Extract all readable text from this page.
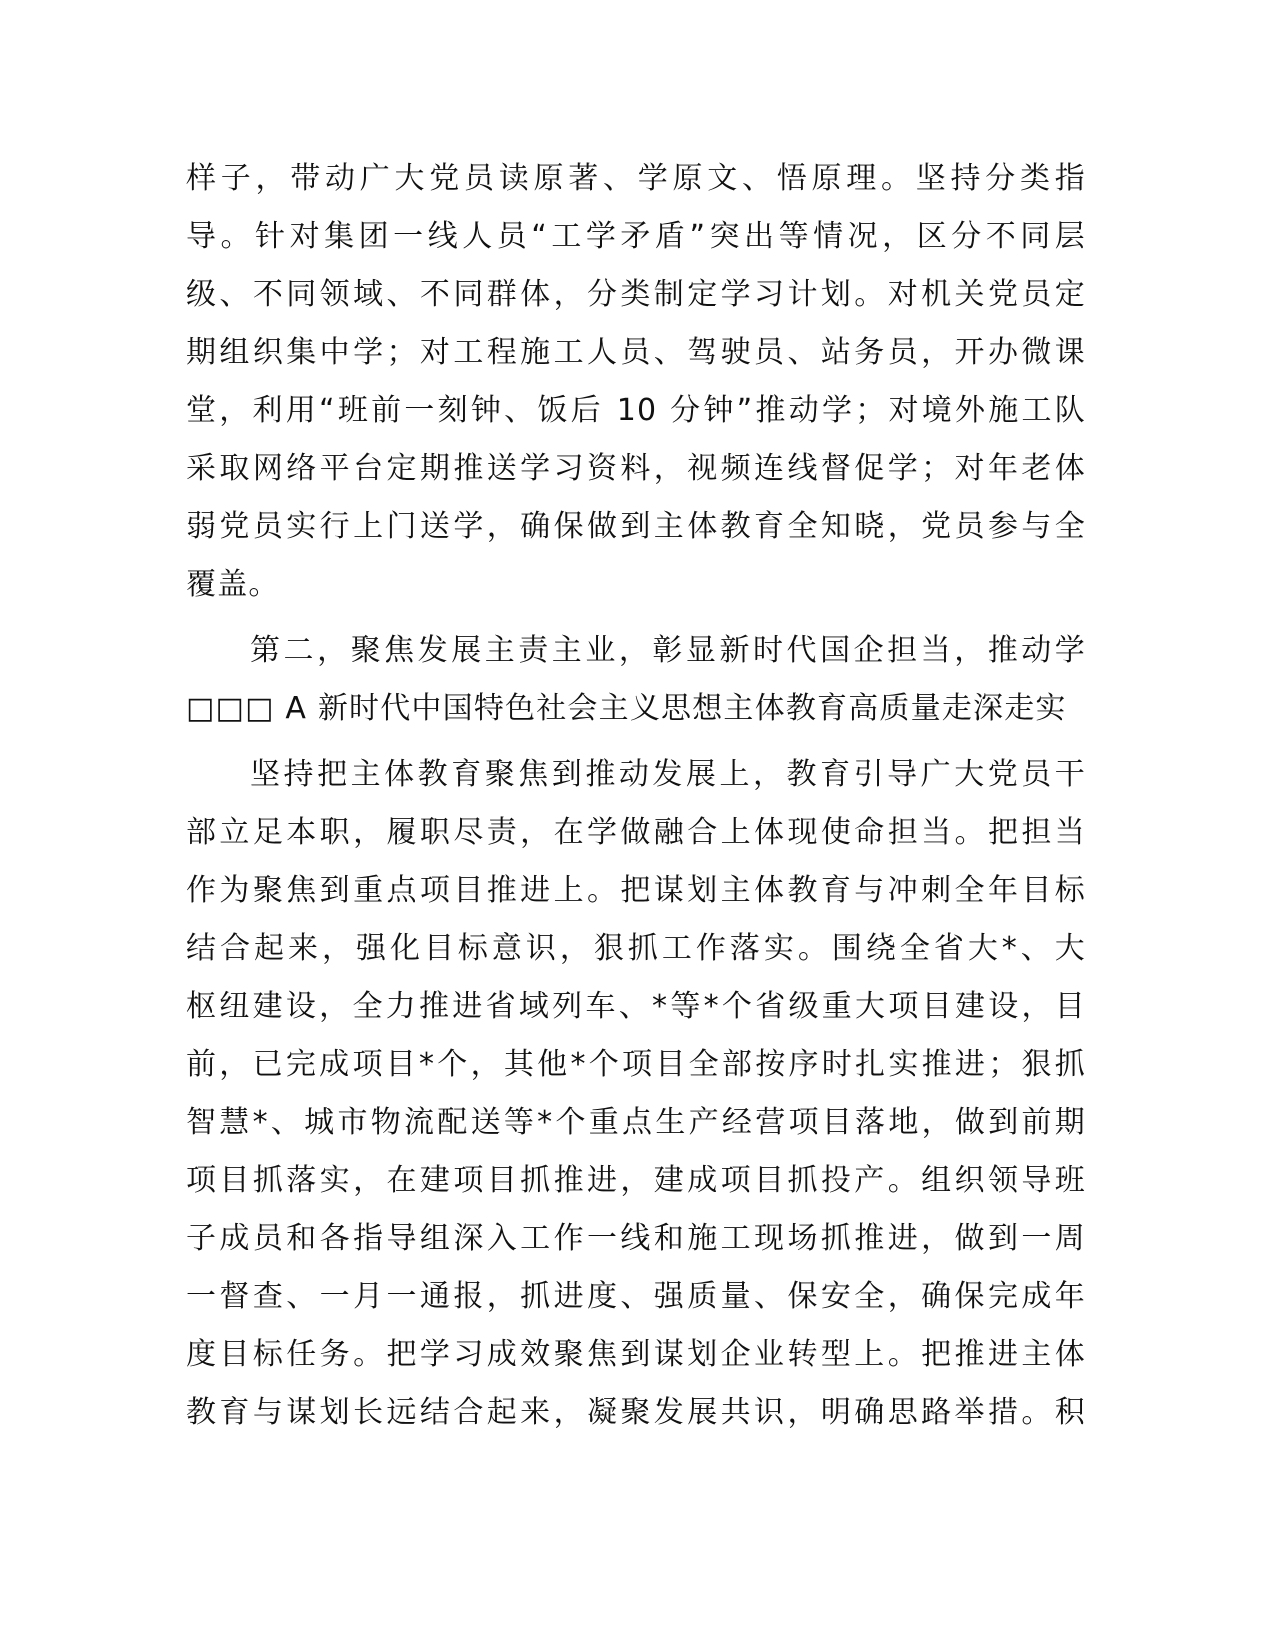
样子，带动广大党员读原著、学原文、悟原理。坚持分类指
导。针对集团一线人员“工学矛盾”突出等情况，区分不同层
级、不同领域、不同群体，分类制定学习计划。对机关党员定
期组织集中学；对工程施工人员、驾驶员、站务员，开办微课
堂，利用“班前一刻钟、饭后 10 分钟”推动学；对境外施工队
采取网络平台定期推送学习资料，视频连线督促学；对年老体
弱党员实行上门送学，确保做到主体教育全知晓，党员参与全
覆盖。
第二，聚焦发展主责主业，彰显新时代国企担当，推动学
□□□ A 新时代中国特色社会主义思想主体教育高质量走深走实
坚持把主体教育聚焦到推动发展上，教育引导广大党员干
部立足本职，履职尽责，在学做融合上体现使命担当。把担当
作为聚焦到重点项目推进上。把谋划主体教育与冲刺全年目标
结合起来，强化目标意识，狠抓工作落实。围绕全省大*、大
枢纽建设，全力推进省域列车、*等*个省级重大项目建设，目
前，已完成项目*个，其他*个项目全部按序时扎实推进；狠抓
智慧*、城市物流配送等*个重点生产经营项目落地，做到前期
项目抓落实，在建项目抓推进，建成项目抓投产。组织领导班
子成员和各指导组深入工作一线和施工现场抓推进，做到一周
一督查、一月一通报，抓进度、强质量、保安全，确保完成年
度目标任务。把学习成效聚焦到谋划企业转型上。把推进主体
教育与谋划长远结合起来，凝聚发展共识，明确思路举措。积
